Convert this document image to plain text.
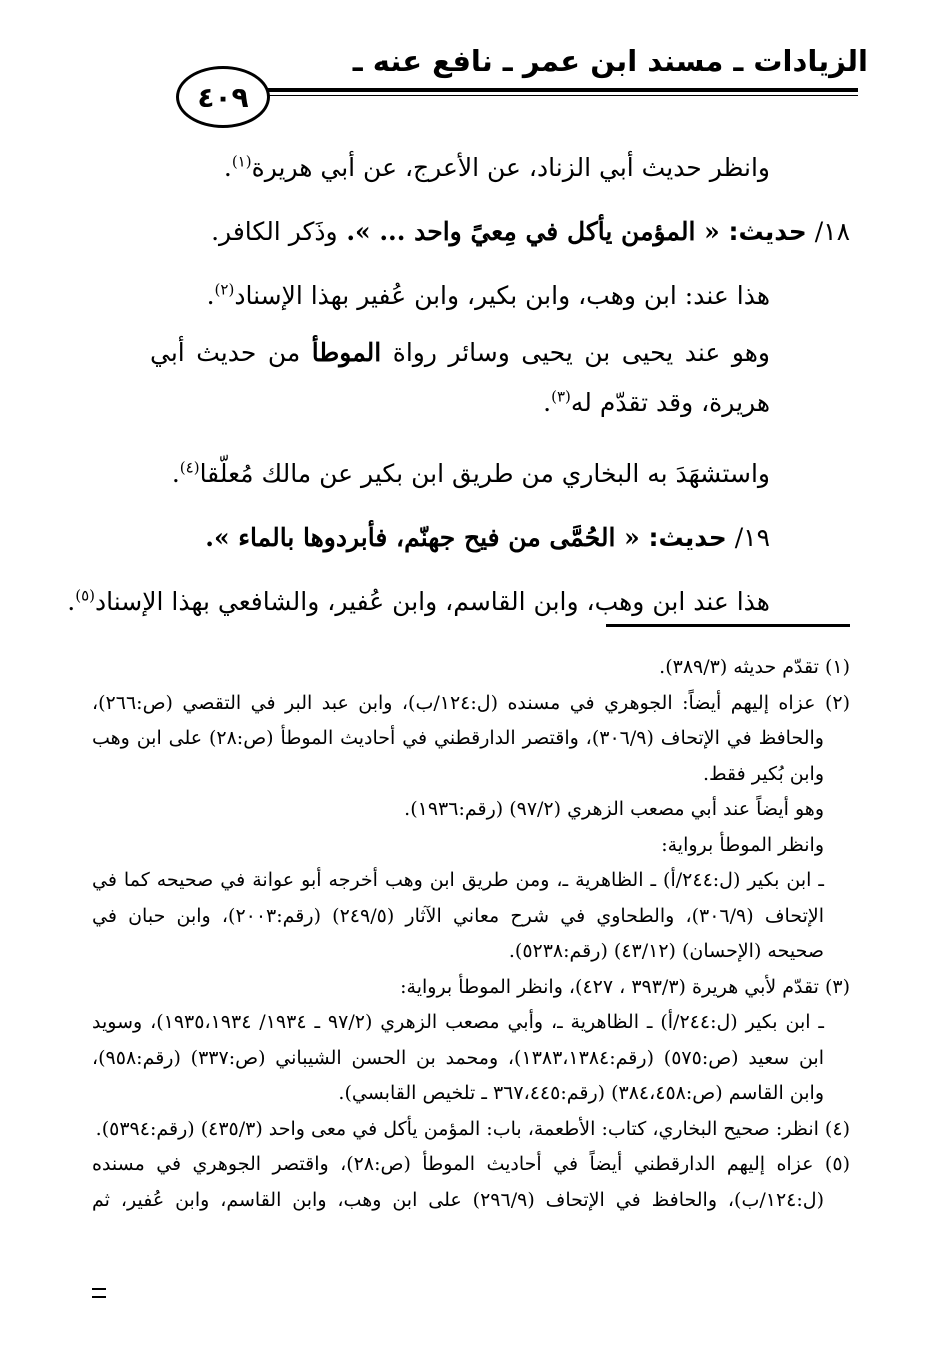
الزيادات ـ مسند ابن عمر ـ نافع عنه ـ
٤٠٩

وانظر حديث أبي الزناد، عن الأعرج، عن أبي هريرة$^{(١)}$.

١٨/ حديث: « المؤمن يأكل في مِعيً واحد ... ». وذَكر الكافر.

هذا عند: ابن وهب، وابن بكير، وابن عُفير بهذا الإسناد$^{(٢)}$.

وهو عند يحيى بن يحيى وسائر رواة الموطأ من حديث أبي هريرة، وقد تقدّم له$^{(٣)}$.

واستشهَدَ به البخاري من طريق ابن بكير عن مالك مُعلّقا$^{(٤)}$.

١٩/ حديث: « الحُمَّى من فيح جهنّم، فأبردوها بالماء ».

هذا عند ابن وهب، وابن القاسم، وابن عُفير، والشافعي بهذا الإسناد$^{(٥)}$.

(١) تقدّم حديثه (٣٨٩/٣).

(٢) عزاه إليهم أيضاً: الجوهري في مسنده (ل:١٢٤/ب)، وابن عبد البر في التقصي (ص:٢٦٦)،

والحافظ في الإتحاف (٣٠٦/٩)، واقتصر الدارقطني في أحاديث الموطأ (ص:٢٨) على ابن وهب

وابن بُكير فقط.

وهو أيضاً عند أبي مصعب الزهري (٩٧/٢) (رقم:١٩٣٦).

وانظر الموطأ برواية:

ـ ابن بكير (ل:٢٤٤/أ) ـ الظاهرية ـ، ومن طريق ابن وهب أخرجه أبو عوانة في صحيحه كما في

الإتحاف (٣٠٦/٩)، والطحاوي في شرح معاني الآثار (٢٤٩/٥) (رقم:٢٠٠٣)، وابن حبان في

صحيحه (الإحسان) (٤٣/١٢) (رقم:٥٢٣٨).

(٣) تقدّم لأبي هريرة (٣٩٣/٣ ، ٤٢٧)، وانظر الموطأ برواية:

ـ ابن بكير (ل:٢٤٤/أ) ـ الظاهرية ـ، وأبي مصعب الزهري (٩٧/٢ ـ ١٩٣٤/ ١٩٣٥،١٩٣٤)، وسويد

ابن سعيد (ص:٥٧٥) (رقم:١٣٨٣،١٣٨٤)، ومحمد بن الحسن الشيباني (ص:٣٣٧) (رقم:٩٥٨)،

وابن القاسم (ص:٣٨٤،٤٥٨) (رقم:٣٦٧،٤٤٥ ـ تلخيص القابسي).

(٤) انظر: صحيح البخاري، كتاب: الأطعمة، باب: المؤمن يأكل في معى واحد (٤٣٥/٣) (رقم:٥٣٩٤).

(٥) عزاه إليهم الدارقطني أيضاً في أحاديث الموطأ (ص:٢٨)، واقتصر الجوهري في مسنده

(ل:١٢٤/ب)، والحافظ في الإتحاف (٢٩٦/٩) على ابن وهب، وابن القاسم، وابن عُفير، ثم
